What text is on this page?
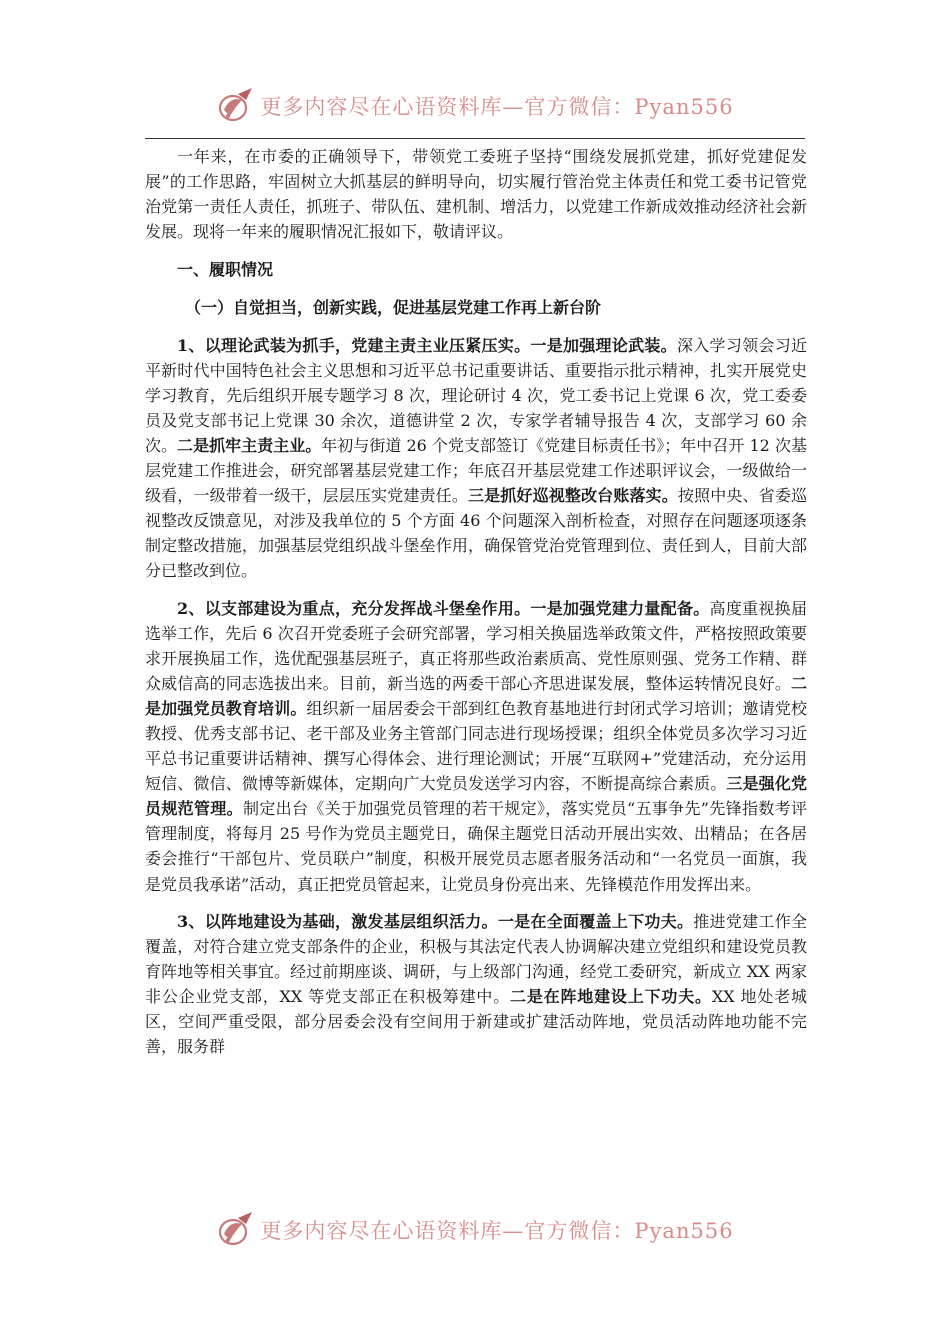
更多内容尽在心语资料库—官方微信：Pyan556

一年来，在市委的正确领导下，带领党工委班子坚持“围绕发展抓党建，抓好党建促发展”的工作思路，牢固树立大抓基层的鲜明导向，切实履行管治党主体责任和党工委书记管党治党第一责任人责任，抓班子、带队伍、建机制、增活力，以党建工作新成效推动经济社会新发展。现将一年来的履职情况汇报如下，敬请评议。

一、履职情况

（一）自觉担当，创新实践，促进基层党建工作再上新台阶

1、以理论武装为抓手，党建主责主业压紧压实。一是加强理论武装。深入学习领会习近平新时代中国特色社会主义思想和习近平总书记重要讲话、重要指示批示精神，扎实开展党史学习教育，先后组织开展专题学习 8 次，理论研讨 4 次，党工委书记上党课 6 次，党工委委员及党支部书记上党课 30 余次，道德讲堂 2 次，专家学者辅导报告 4 次，支部学习 60 余次。二是抓牢主责主业。年初与街道 26 个党支部签订《党建目标责任书》；年中召开 12 次基层党建工作推进会，研究部署基层党建工作；年底召开基层党建工作述职评议会，一级做给一级看，一级带着一级干，层层压实党建责任。三是抓好巡视整改台账落实。按照中央、省委巡视整改反馈意见，对涉及我单位的 5 个方面 46 个问题深入剖析检查，对照存在问题逐项逐条制定整改措施，加强基层党组织战斗堡垒作用，确保管党治党管理到位、责任到人，目前大部分已整改到位。

2、以支部建设为重点，充分发挥战斗堡垒作用。一是加强党建力量配备。高度重视换届选举工作，先后 6 次召开党委班子会研究部署，学习相关换届选举政策文件，严格按照政策要求开展换届工作，选优配强基层班子，真正将那些政治素质高、党性原则强、党务工作精、群众威信高的同志选拔出来。目前，新当选的两委干部心齐思进谋发展，整体运转情况良好。二是加强党员教育培训。组织新一届居委会干部到红色教育基地进行封闭式学习培训；邀请党校教授、优秀支部书记、老干部及业务主管部门同志进行现场授课；组织全体党员多次学习习近平总书记重要讲话精神、撰写心得体会、进行理论测试；开展“互联网+”党建活动，充分运用短信、微信、微博等新媒体，定期向广大党员发送学习内容，不断提高综合素质。三是强化党员规范管理。制定出台《关于加强党员管理的若干规定》，落实党员“五事争先”先锋指数考评管理制度，将每月 25 号作为党员主题党日，确保主题党日活动开展出实效、出精品；在各居委会推行“干部包片、党员联户”制度，积极开展党员志愿者服务活动和“一名党员一面旗，我是党员我承诺”活动，真正把党员管起来，让党员身份亮出来、先锋模范作用发挥出来。

3、以阵地建设为基础，激发基层组织活力。一是在全面覆盖上下功夫。推进党建工作全覆盖，对符合建立党支部条件的企业，积极与其法定代表人协调解决建立党组织和建设党员教育阵地等相关事宜。经过前期座谈、调研，与上级部门沟通，经党工委研究，新成立 XX 两家非公企业党支部，XX 等党支部正在积极筹建中。二是在阵地建设上下功夫。XX 地处老城区，空间严重受限，部分居委会没有空间用于新建或扩建活动阵地，党员活动阵地功能不完善，服务群

更多内容尽在心语资料库—官方微信：Pyan556
